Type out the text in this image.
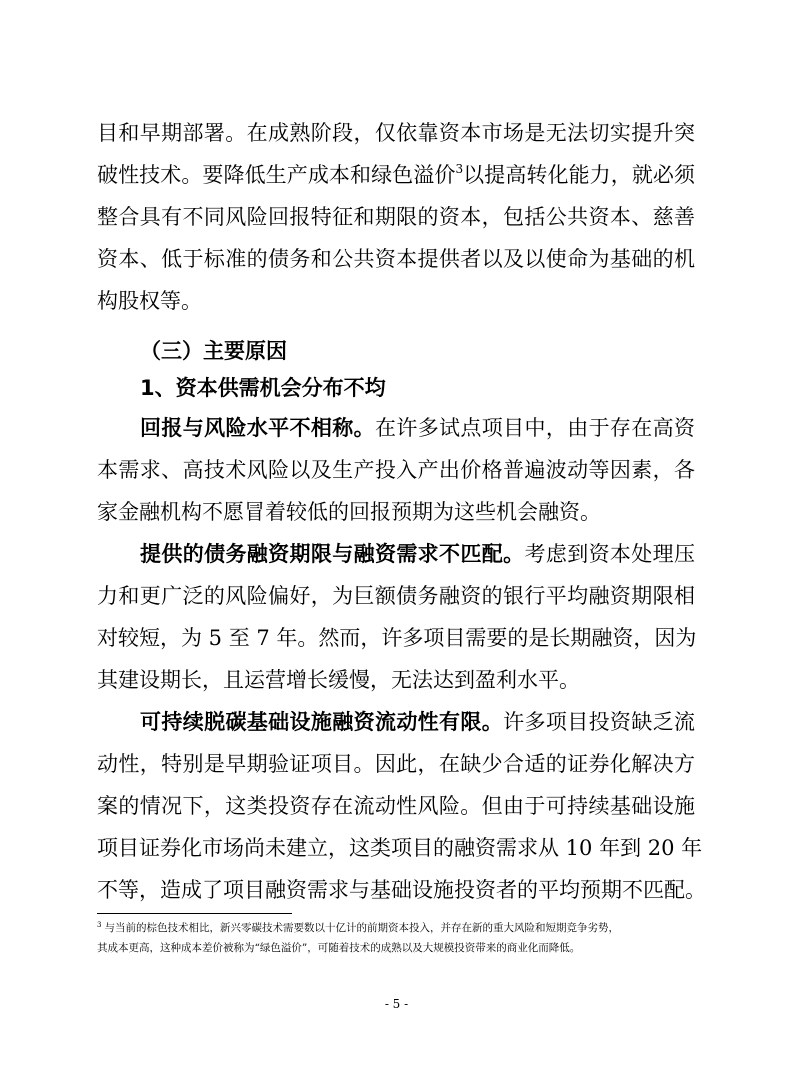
目和早期部署。在成熟阶段，仅依靠资本市场是无法切实提升突
破性技术。要降低生产成本和绿色溢价$^3$以提高转化能力，就必须
整合具有不同风险回报特征和期限的资本，包括公共资本、慈善
资本、低于标准的债务和公共资本提供者以及以使命为基础的机
构股权等。
（三）主要原因
1、资本供需机会分布不均
回报与风险水平不相称。在许多试点项目中，由于存在高资
本需求、高技术风险以及生产投入产出价格普遍波动等因素，各
家金融机构不愿冒着较低的回报预期为这些机会融资。
提供的债务融资期限与融资需求不匹配。考虑到资本处理压
力和更广泛的风险偏好，为巨额债务融资的银行平均融资期限相
对较短，为 5 至 7 年。然而，许多项目需要的是长期融资，因为
其建设期长，且运营增长缓慢，无法达到盈利水平。
可持续脱碳基础设施融资流动性有限。许多项目投资缺乏流
动性，特别是早期验证项目。因此，在缺少合适的证券化解决方
案的情况下，这类投资存在流动性风险。但由于可持续基础设施
项目证券化市场尚未建立，这类项目的融资需求从 10 年到 20 年
不等，造成了项目融资需求与基础设施投资者的平均预期不匹配。
$^3$ 与当前的棕色技术相比，新兴零碳技术需要数以十亿计的前期资本投入，并存在新的重大风险和短期竞争劣势，
其成本更高，这种成本差价被称为“绿色溢价”，可随着技术的成熟以及大规模投资带来的商业化而降低。
- 5 -
